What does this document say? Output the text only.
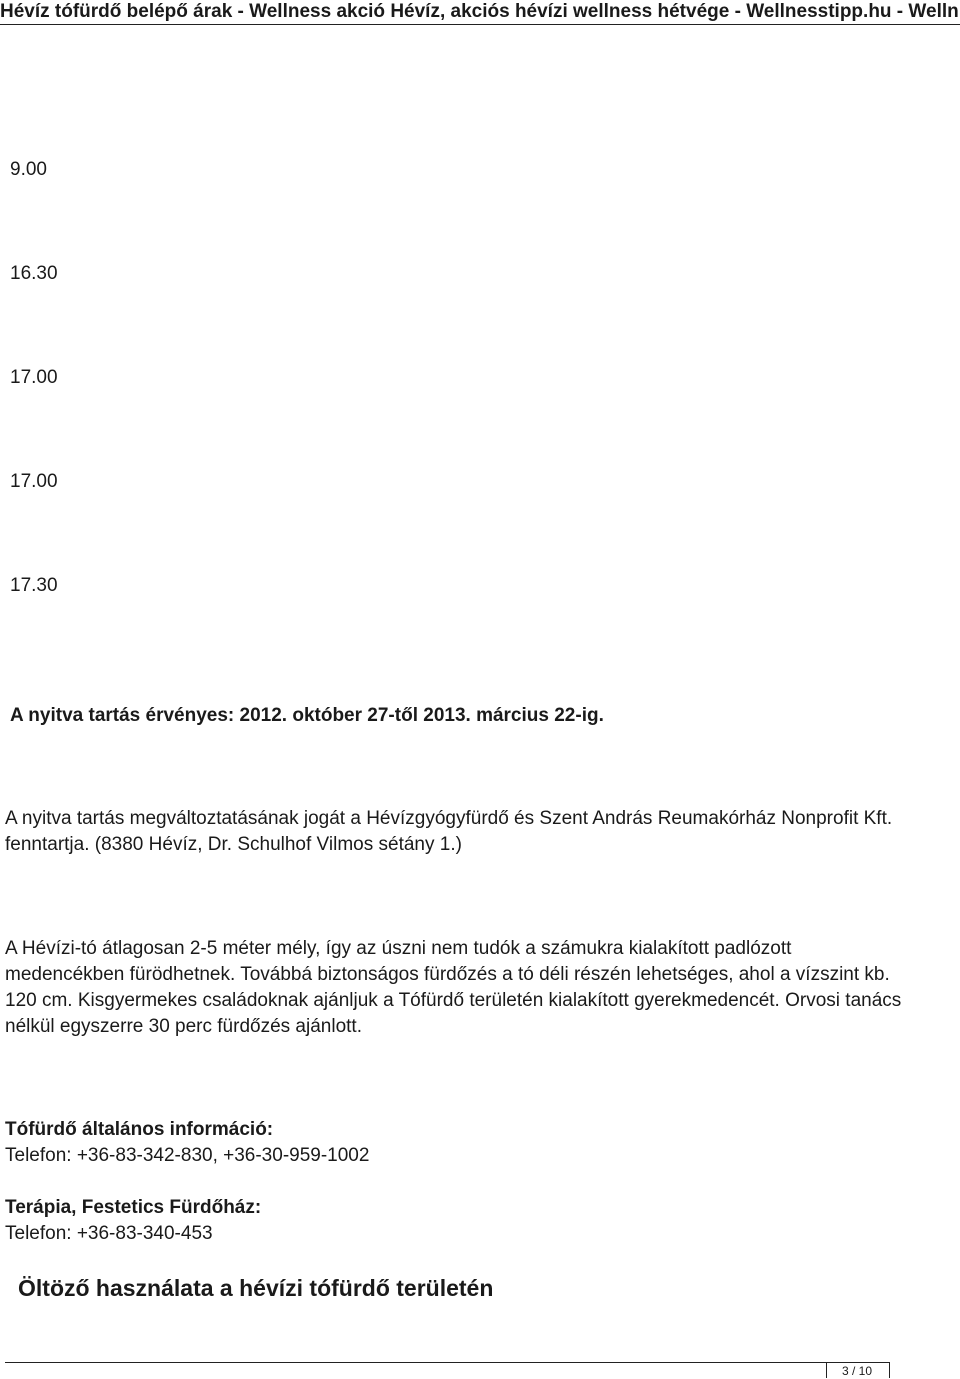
Hévíz tófürdő belépő árak - Wellness akció Hévíz, akciós hévízi wellness hétvége - Wellnesstipp.hu - Welln
9.00
16.30
17.00
17.00
17.30
A nyitva tartás érvényes: 2012. október 27-től 2013. március 22-ig.
A nyitva tartás megváltoztatásának jogát a Hévízgyógyfürdő és Szent András Reumakórház Nonprofit Kft. fenntartja. (8380 Hévíz, Dr. Schulhof Vilmos sétány 1.)
A Hévízi-tó átlagosan 2-5 méter mély, így az úszni nem tudók a számukra kialakított padlózott medencékben fürödhetnek. Továbbá biztonságos fürdőzés a tó déli részén lehetséges, ahol a vízszint kb. 120 cm. Kisgyermekes családoknak ajánljuk a Tófürdő területén kialakított gyerekmedencét. Orvosi tanács nélkül egyszerre 30 perc fürdőzés ajánlott.
Tófürdő általános információ:
Telefon: +36-83-342-830, +36-30-959-1002
Terápia, Festetics Fürdőház:
Telefon: +36-83-340-453
Öltöző használata a hévízi tófürdő területén
3 / 10
